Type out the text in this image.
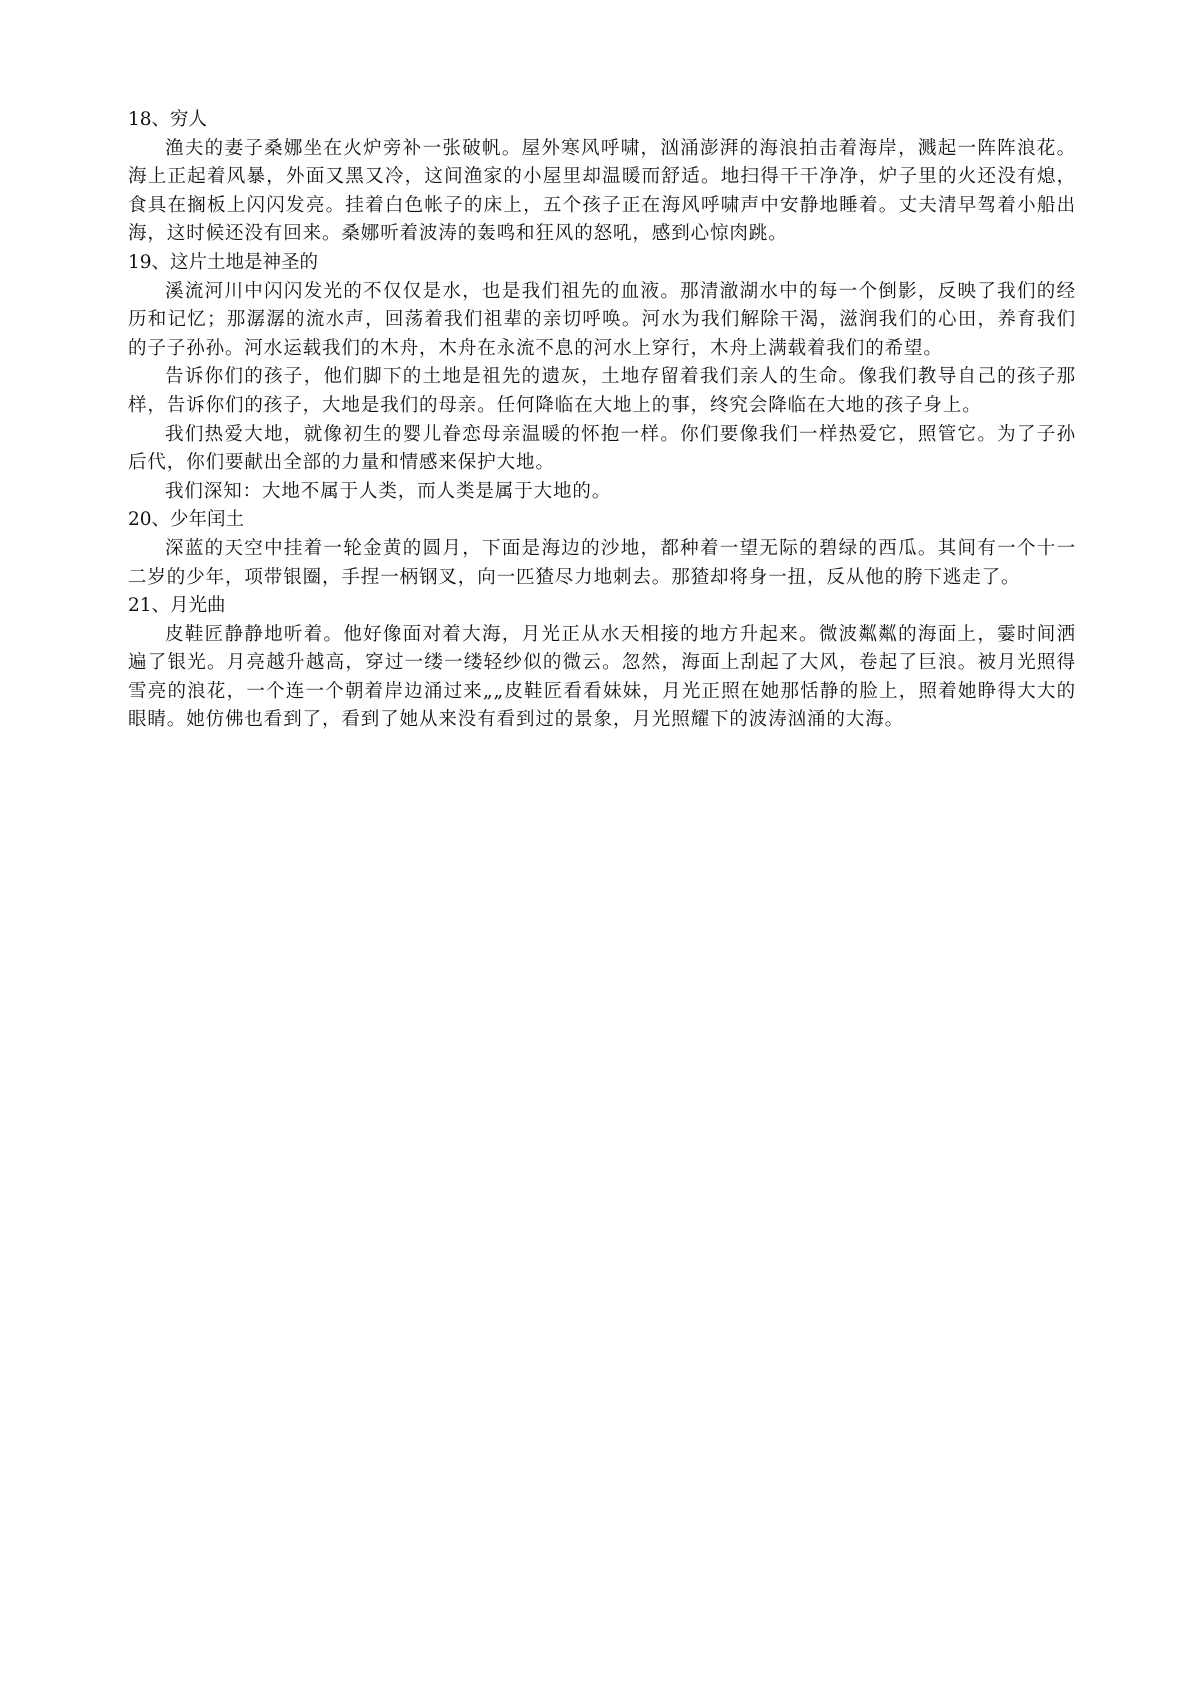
18、穷人

渔夫的妻子桑娜坐在火炉旁补一张破帆。屋外寒风呼啸，汹涌澎湃的海浪拍击着海岸，溅起一阵阵浪花。海上正起着风暴，外面又黑又冷，这间渔家的小屋里却温暖而舒适。地扫得干干净净，炉子里的火还没有熄，食具在搁板上闪闪发亮。挂着白色帐子的床上，五个孩子正在海风呼啸声中安静地睡着。丈夫清早驾着小船出海，这时候还没有回来。桑娜听着波涛的轰鸣和狂风的怒吼，感到心惊肉跳。

19、这片土地是神圣的

溪流河川中闪闪发光的不仅仅是水，也是我们祖先的血液。那清澈湖水中的每一个倒影，反映了我们的经历和记忆；那潺潺的流水声，回荡着我们祖辈的亲切呼唤。河水为我们解除干渴，滋润我们的心田，养育我们的子子孙孙。河水运载我们的木舟，木舟在永流不息的河水上穿行，木舟上满载着我们的希望。

告诉你们的孩子，他们脚下的土地是祖先的遗灰，土地存留着我们亲人的生命。像我们教导自己的孩子那样，告诉你们的孩子，大地是我们的母亲。任何降临在大地上的事，终究会降临在大地的孩子身上。

我们热爱大地，就像初生的婴儿眷恋母亲温暖的怀抱一样。你们要像我们一样热爱它，照管它。为了子孙后代，你们要献出全部的力量和情感来保护大地。

我们深知：大地不属于人类，而人类是属于大地的。

20、少年闰土

深蓝的天空中挂着一轮金黄的圆月，下面是海边的沙地，都种着一望无际的碧绿的西瓜。其间有一个十一二岁的少年，项带银圈，手捏一柄钢叉，向一匹猹尽力地刺去。那猹却将身一扭，反从他的胯下逃走了。

21、月光曲

皮鞋匠静静地听着。他好像面对着大海，月光正从水天相接的地方升起来。微波粼粼的海面上，霎时间洒遍了银光。月亮越升越高，穿过一缕一缕轻纱似的微云。忽然，海面上刮起了大风，卷起了巨浪。被月光照得雪亮的浪花，一个连一个朝着岸边涌过来„„皮鞋匠看看妹妹，月光正照在她那恬静的脸上，照着她睁得大大的眼睛。她仿佛也看到了，看到了她从来没有看到过的景象，月光照耀下的波涛汹涌的大海。
